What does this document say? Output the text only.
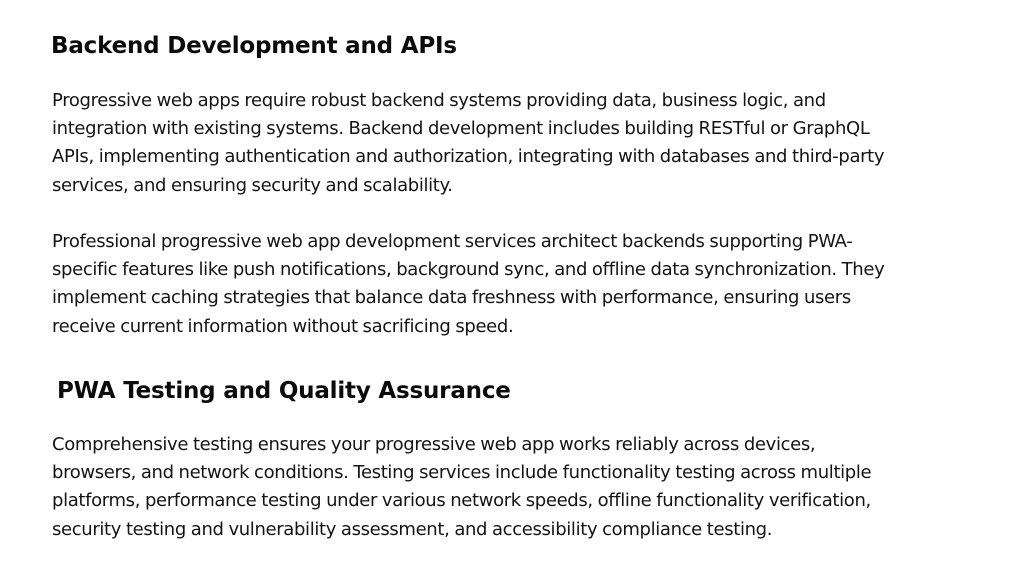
Backend Development and APIs

Progressive web apps require robust backend systems providing data, business logic, and
integration with existing systems. Backend development includes building RESTful or GraphQL
APIs, implementing authentication and authorization, integrating with databases and third-party
services, and ensuring security and scalability.

Professional progressive web app development services architect backends supporting PWA-
specific features like push notifications, background sync, and offline data synchronization. They
implement caching strategies that balance data freshness with performance, ensuring users
receive current information without sacrificing speed.

PWA Testing and Quality Assurance

Comprehensive testing ensures your progressive web app works reliably across devices,
browsers, and network conditions. Testing services include functionality testing across multiple
platforms, performance testing under various network speeds, offline functionality verification,
security testing and vulnerability assessment, and accessibility compliance testing.
